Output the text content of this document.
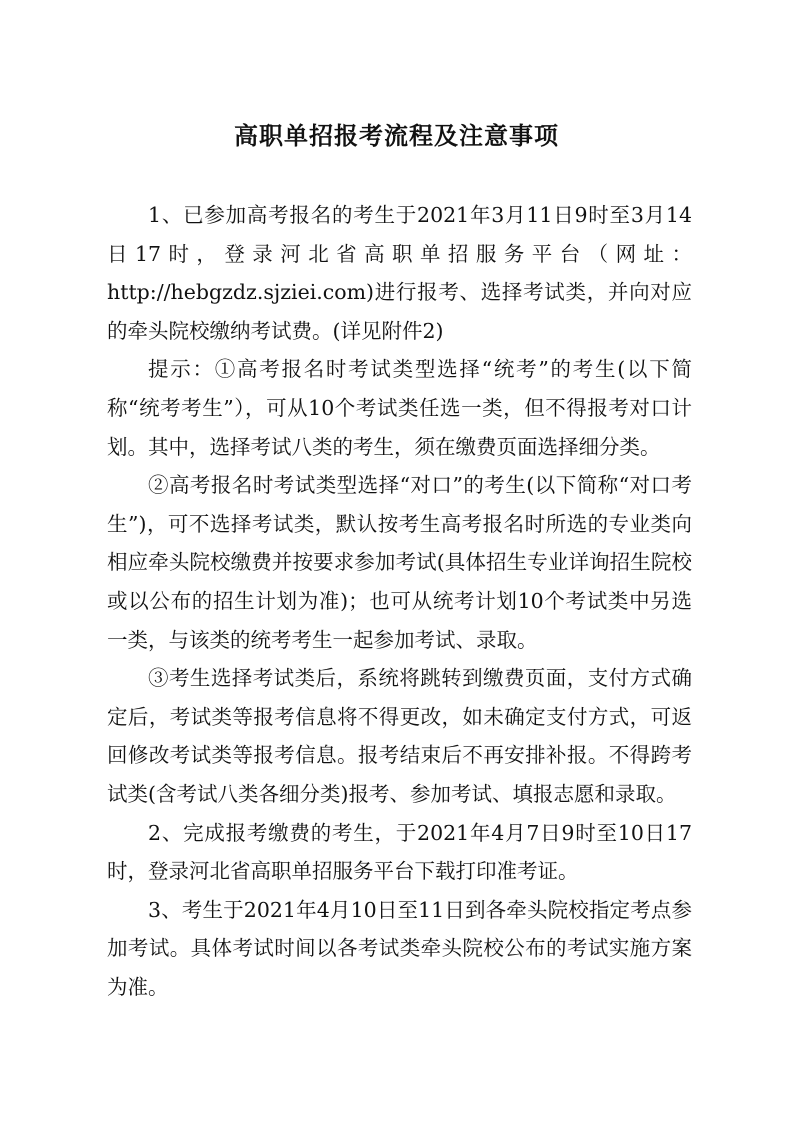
高职单招报考流程及注意事项

1、已参加高考报名的考生于2021年3月11日9时至3月14日17时，登录河北省高职单招服务平台（网址：http://hebgzdz.sjziei.com)进行报考、选择考试类，并向对应的牵头院校缴纳考试费。(详见附件2)

提示：①高考报名时考试类型选择“统考”的考生(以下简称“统考考生”），可从10个考试类任选一类，但不得报考对口计划。其中，选择考试八类的考生，须在缴费页面选择细分类。

②高考报名时考试类型选择“对口”的考生(以下简称“对口考生”)，可不选择考试类，默认按考生高考报名时所选的专业类向相应牵头院校缴费并按要求参加考试(具体招生专业详询招生院校或以公布的招生计划为准)；也可从统考计划10个考试类中另选一类，与该类的统考考生一起参加考试、录取。

③考生选择考试类后，系统将跳转到缴费页面，支付方式确定后，考试类等报考信息将不得更改，如未确定支付方式，可返回修改考试类等报考信息。报考结束后不再安排补报。不得跨考试类(含考试八类各细分类)报考、参加考试、填报志愿和录取。

2、完成报考缴费的考生，于2021年4月7日9时至10日17时，登录河北省高职单招服务平台下载打印准考证。

3、考生于2021年4月10日至11日到各牵头院校指定考点参加考试。具体考试时间以各考试类牵头院校公布的考试实施方案为准。
